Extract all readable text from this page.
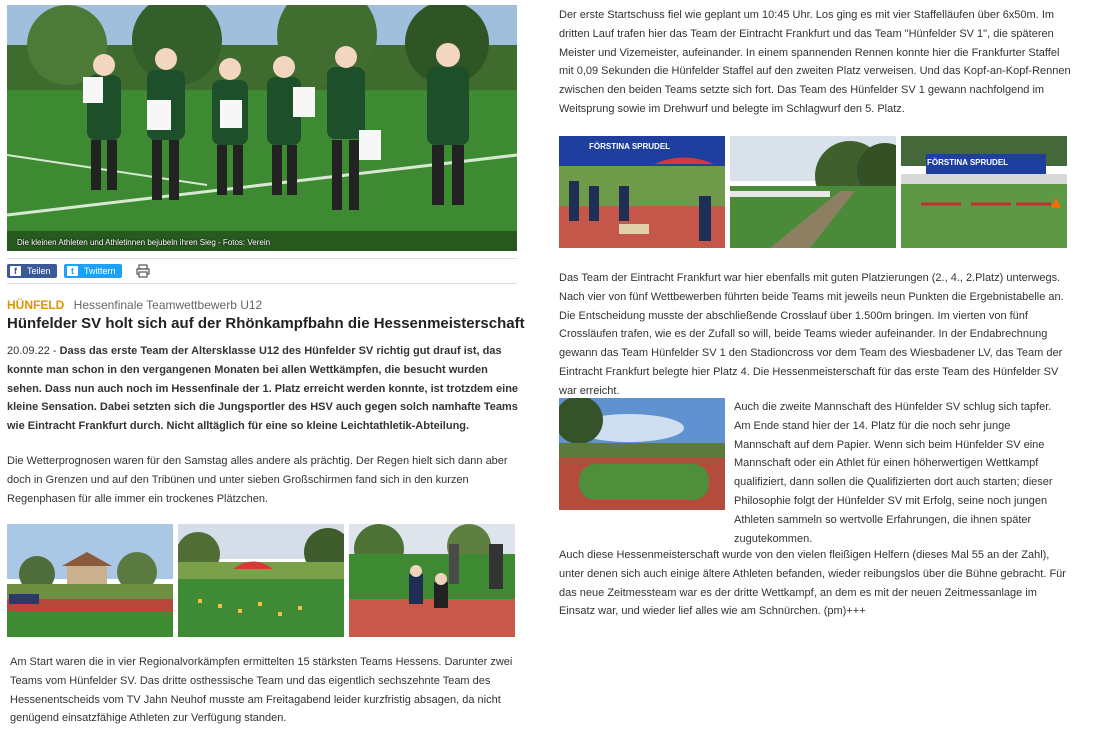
Die kleinen Athleten und Athletinnen bejubeln ihren Sieg - Fotos: Verein
f	Teilen	t	Twittern
HÜNFELD Hessenfinale Teamwettbewerb U12
Hünfelder SV holt sich auf der Rhönkampfbahn die Hessenmeisterschaft

20.09.22 - Dass das erste Team der Altersklasse U12 des Hünfelder SV richtig gut drauf ist, das konnte man schon in den vergangenen Monaten bei allen Wettkämpfen, die besucht wurden sehen. Dass nun auch noch im Hessenfinale der 1. Platz erreicht werden konnte, ist trotzdem eine kleine Sensation. Dabei setzten sich die Jungsportler des HSV auch gegen solch namhafte Teams wie Eintracht Frankfurt durch. Nicht alltäglich für eine so kleine Leichtathletik-Abteilung.

Die Wetterprognosen waren für den Samstag alles andere als prächtig. Der Regen hielt sich dann aber doch in Grenzen und auf den Tribünen und unter sieben Großschirmen fand sich in den kurzen Regenphasen für alle immer ein trockenes Plätzchen.

Am Start waren die in vier Regionalvorkämpfen ermittelten 15 stärksten Teams Hessens. Darunter zwei Teams vom Hünfelder SV. Das dritte osthessische Team und das eigentlich sechszehnte Team des Hessenentscheids vom TV Jahn Neuhof musste am Freitagabend leider kurzfristig absagen, da nicht genügend einsatzfähige Athleten zur Verfügung standen.

Der erste Startschuss fiel wie geplant um 10:45 Uhr. Los ging es mit vier Staffelläufen über 6x50m. Im dritten Lauf trafen hier das Team der Eintracht Frankfurt und das Team "Hünfelder SV 1", die späteren Meister und Vizemeister, aufeinander. In einem spannenden Rennen konnte hier die Frankfurter Staffel mit 0,09 Sekunden die Hünfelder Staffel auf den zweiten Platz verweisen. Und das Kopf-an-Kopf-Rennen zwischen den beiden Teams setzte sich fort. Das Team des Hünfelder SV 1 gewann nachfolgend im Weitsprung sowie im Drehwurf und belegte im Schlagwurf den 5. Platz.

FÖRSTINA SPRUDEL
FÖRSTINA SPRUDEL

Das Team der Eintracht Frankfurt war hier ebenfalls mit guten Platzierungen (2., 4., 2.Platz) unterwegs. Nach vier von fünf Wettbewerben führten beide Teams mit jeweils neun Punkten die Ergebnistabelle an. Die Entscheidung musste der abschließende Crosslauf über 1.500m bringen. Im vierten von fünf Crossläufen trafen, wie es der Zufall so will, beide Teams wieder aufeinander. In der Endabrechnung gewann das Team Hünfelder SV 1 den Stadioncross vor dem Team des Wiesbadener LV, das Team der Eintracht Frankfurt belegte hier Platz 4. Die Hessenmeisterschaft für das erste Team des Hünfelder SV war erreicht.

Auch die zweite Mannschaft des Hünfelder SV schlug sich tapfer. Am Ende stand hier der 14. Platz für die noch sehr junge Mannschaft auf dem Papier. Wenn sich beim Hünfelder SV eine Mannschaft oder ein Athlet für einen höherwertigen Wettkampf qualifiziert, dann sollen die Qualifizierten dort auch starten; dieser Philosophie folgt der Hünfelder SV mit Erfolg, seine noch jungen Athleten sammeln so wertvolle Erfahrungen, die ihnen später zugutekommen.

Auch diese Hessenmeisterschaft wurde von den vielen fleißigen Helfern (dieses Mal 55 an der Zahl), unter denen sich auch einige ältere Athleten befanden, wieder reibungslos über die Bühne gebracht. Für das neue Zeitmessteam war es der dritte Wettkampf, an dem es mit der neuen Zeitmessanlage im Einsatz war, und wieder lief alles wie am Schnürchen. (pm)+++
